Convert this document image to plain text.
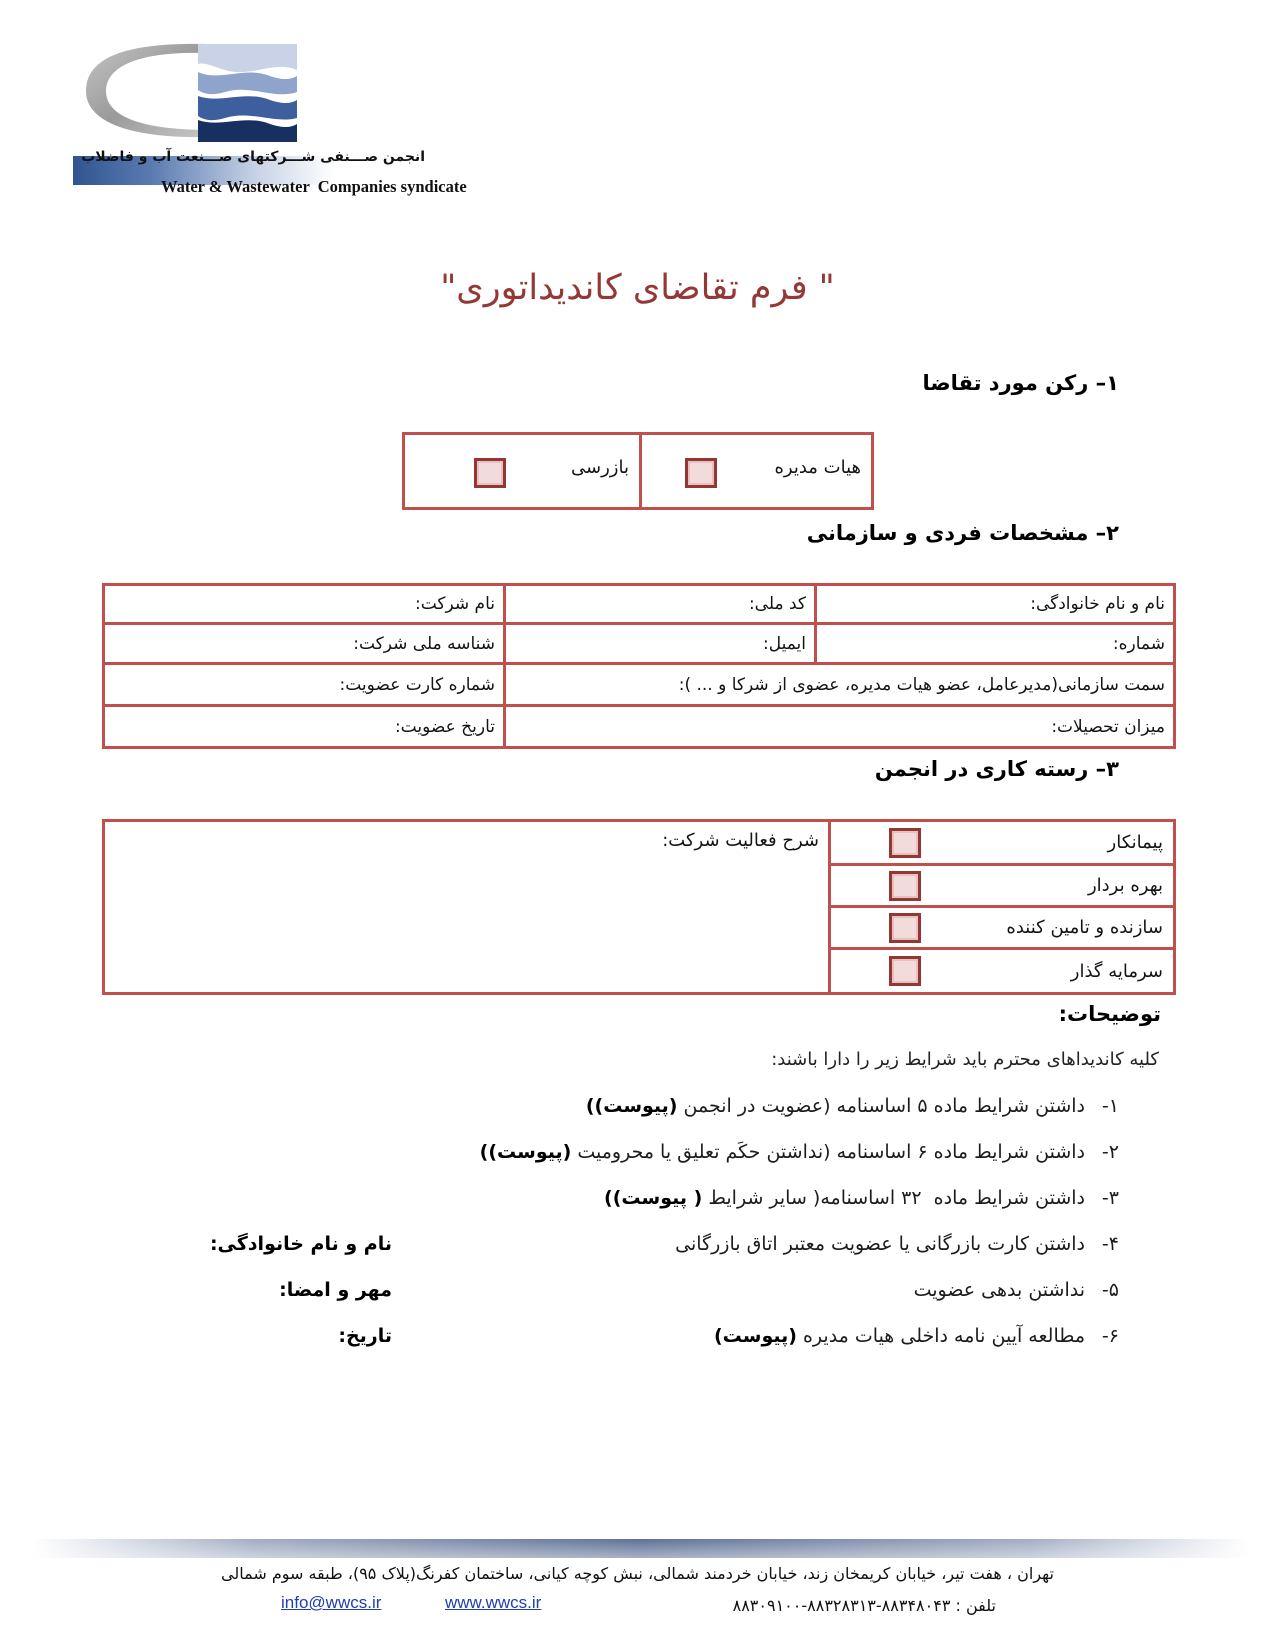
انجمن صـــنفی شـــرکتهای صـــنعت آب و فاضلاب
Water & Wastewater  Companies syndicate
" فرم تقاضای کاندیداتوری"
۱– رکن مورد تقاضا
هیات مدیره
بازرسی
۲– مشخصات فردی و سازمانی
نام و نام خانوادگی:	کد ملی:	نام شرکت:
شماره:	ایمیل:	شناسه ملی شرکت:
سمت سازمانی(مدیرعامل، عضو هیات مدیره، عضوی از شرکا و ... ):		شماره کارت عضویت:
میزان تحصیلات:		تاریخ عضویت:
۳– رسته کاری در انجمن
پیمانکار
	شرح فعالیت شرکت:
بهره بردار

سازنده و تامین کننده

سرمایه گذار
توضیحات:
کلیه کاندیداهای محترم باید شرایط زیر را دارا باشند:
۱-داشتن شرایط ماده ۵ اساسنامه (عضویت در انجمن (پیوست))
۲-داشتن شرایط ماده ۶ اساسنامه (نداشتن حکَم تعلیق یا محرومیت (پیوست))
۳-داشتن شرایط ماده  ۳۲ اساسنامه( سایر شرایط ( پیوست))
۴-داشتن کارت بازرگانی یا عضویت معتبر اتاق بازرگانی
۵-نداشتن بدهی عضویت
۶-مطالعه آیین نامه داخلی هیات مدیره (پیوست)
نام و نام خانوادگی:
مهر و امضا:
تاریخ:
تهران ، هفت تیر، خیابان کریمخان زند، خیابان خردمند شمالی، نبش کوچه کیانی، ساختمان کفرنگ(پلاک ۹۵)، طبقه سوم شمالی
تلفن : ۸۸۳۰۹۱۰۰-۸۸۳۲۸۳۱۳-۸۸۳۴۸۰۴۳
www.wwcs.ir
info@wwcs.ir
